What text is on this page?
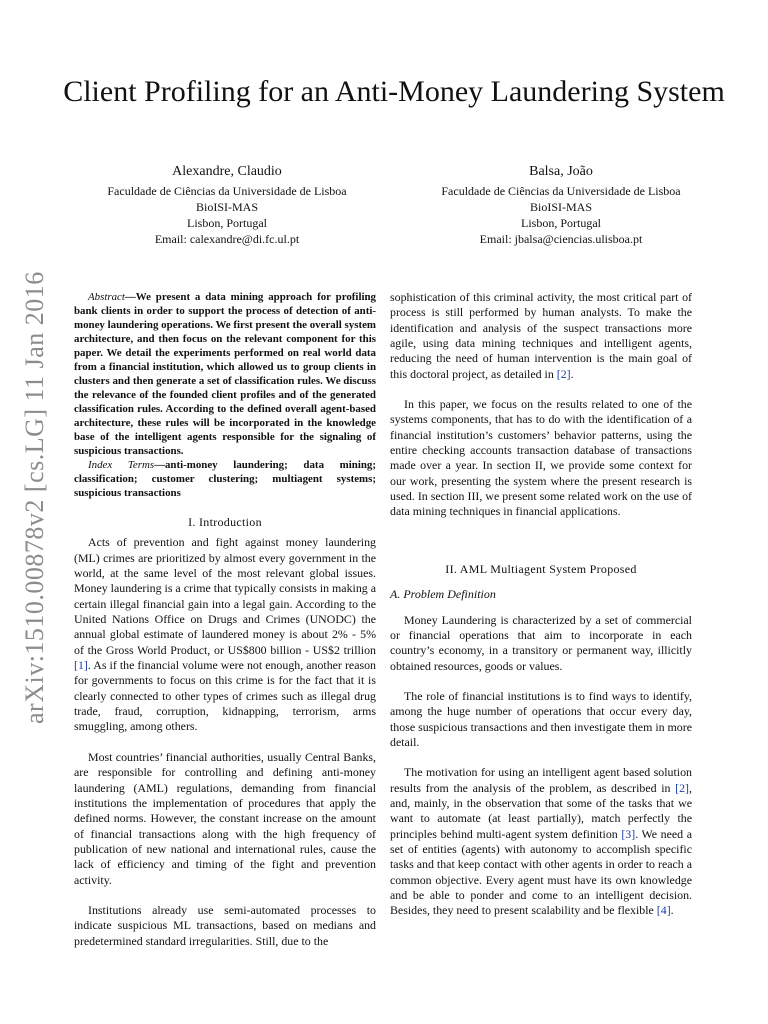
arXiv:1510.00878v2 [cs.LG] 11 Jan 2016
Client Profiling for an Anti-Money Laundering System
Alexandre, Claudio
Faculdade de Ciências da Universidade de Lisboa
BioISI-MAS
Lisbon, Portugal
Email: calexandre@di.fc.ul.pt
Balsa, João
Faculdade de Ciências da Universidade de Lisboa
BioISI-MAS
Lisbon, Portugal
Email: jbalsa@ciencias.ulisboa.pt

Abstract—We present a data mining approach for profiling bank clients in order to support the process of detection of anti-money laundering operations. We first present the overall system architecture, and then focus on the relevant component for this paper. We detail the experiments performed on real world data from a financial institution, which allowed us to group clients in clusters and then generate a set of classification rules. We discuss the relevance of the founded client profiles and of the generated classification rules. According to the defined overall agent-based architecture, these rules will be incorporated in the knowledge base of the intelligent agents responsible for the signaling of suspicious transactions.

Index Terms—anti-money laundering; data mining; classification; customer clustering; multiagent systems; suspicious transactions

I. Introduction

Acts of prevention and fight against money laundering (ML) crimes are prioritized by almost every government in the world, at the same level of the most relevant global issues. Money laundering is a crime that typically consists in making a certain illegal financial gain into a legal gain. According to the United Nations Office on Drugs and Crimes (UNODC) the annual global estimate of laundered money is about 2% - 5% of the Gross World Product, or US$800 billion - US$2 trillion [1]. As if the financial volume were not enough, another reason for governments to focus on this crime is for the fact that it is clearly connected to other types of crimes such as illegal drug trade, fraud, corruption, kidnapping, terrorism, arms smuggling, among others.

Most countries’ financial authorities, usually Central Banks, are responsible for controlling and defining anti-money laundering (AML) regulations, demanding from financial institutions the implementation of procedures that apply the defined norms. However, the constant increase on the amount of financial transactions along with the high frequency of publication of new national and international rules, cause the lack of efficiency and timing of the fight and prevention activity.

Institutions already use semi-automated processes to indicate suspicious ML transactions, based on medians and predetermined standard irregularities. Still, due to the

sophistication of this criminal activity, the most critical part of process is still performed by human analysts. To make the identification and analysis of the suspect transactions more agile, using data mining techniques and intelligent agents, reducing the need of human intervention is the main goal of this doctoral project, as detailed in [2].

In this paper, we focus on the results related to one of the systems components, that has to do with the identification of a financial institution’s customers’ behavior patterns, using the entire checking accounts transaction database of transactions made over a year. In section II, we provide some context for our work, presenting the system where the present research is used. In section III, we present some related work on the use of data mining techniques in financial applications.

II. AML Multiagent System Proposed
A. Problem Definition

Money Laundering is characterized by a set of commercial or financial operations that aim to incorporate in each country’s economy, in a transitory or permanent way, illicitly obtained resources, goods or values.

The role of financial institutions is to find ways to identify, among the huge number of operations that occur every day, those suspicious transactions and then investigate them in more detail.

The motivation for using an intelligent agent based solution results from the analysis of the problem, as described in [2], and, mainly, in the observation that some of the tasks that we want to automate (at least partially), match perfectly the principles behind multi-agent system definition [3]. We need a set of entities (agents) with autonomy to accomplish specific tasks and that keep contact with other agents in order to reach a common objective. Every agent must have its own knowledge and be able to ponder and come to an intelligent decision. Besides, they need to present scalability and be flexible [4].
